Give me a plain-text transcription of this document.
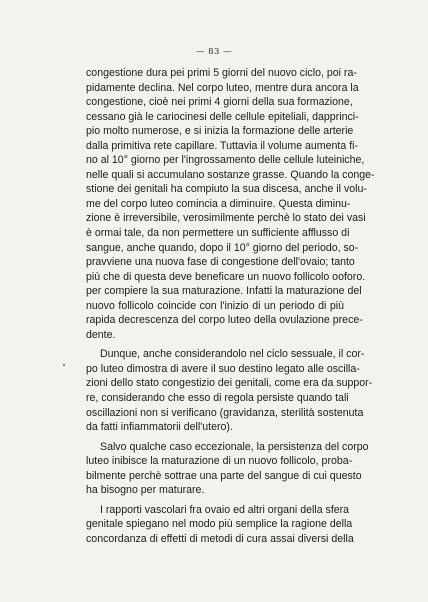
— 83 —
congestione dura pei primi 5 giorni del nuovo ciclo, poi ra-
pidamente declina. Nel corpo luteo, mentre dura ancora la
congestione, cioè nei primi 4 giorni della sua formazione,
cessano già le cariocinesi delle cellule epiteliali, dapprinci-
pio molto numerose, e si inizia la formazione delle arterie
dalla primitiva rete capillare. Tuttavia il volume aumenta fi-
no al 10° giorno per l'ingrossamento delle cellule luteiniche,
nelle quali si accumulano sostanze grasse. Quando la conge-
stione dei genitali ha compiuto la sua discesa, anche il volu-
me del corpo luteo comincia a diminuire. Questa diminu-
zione è irreversibile, verosimilmente perchè lo stato dei vasi
è ormai tale, da non permettere un sufficiente afflusso di
sangue, anche quando, dopo il 10° giorno del periodo, so-
pravviene una nuova fase di congestione dell'ovaio; tanto
più che di questa deve beneficare un nuovo follicolo ooforo.
per compiere la sua maturazione. Infatti la maturazione del
nuovo follicolo coincide con l'inizio di un periodo di più
rapida decrescenza del corpo luteo della ovulazione prece-
dente.
Dunque, anche considerandolo nel ciclo sessuale, il cor-
po luteo dimostra di avere il suo destino legato alle oscilla-
zioni dello stato congestizio dei genitali, come era da suppor-
re, considerando che esso di regola persiste quando tali
oscillazioni non si verificano (gravidanza, sterilità sostenuta
da fatti infiammatorii dell'utero).
Salvo qualche caso eccezionale, la persistenza del corpo
luteo inibisce la maturazione di un nuovo follicolo, proba-
bilmente perchè sottrae una parte del sangue di cui questo
ha bisogno per maturare.
I rapporti vascolari fra ovaio ed altri organi della sfera
genitale spiegano nel modo più semplice la ragione della
concordanza di effetti di metodi di cura assai diversi della
